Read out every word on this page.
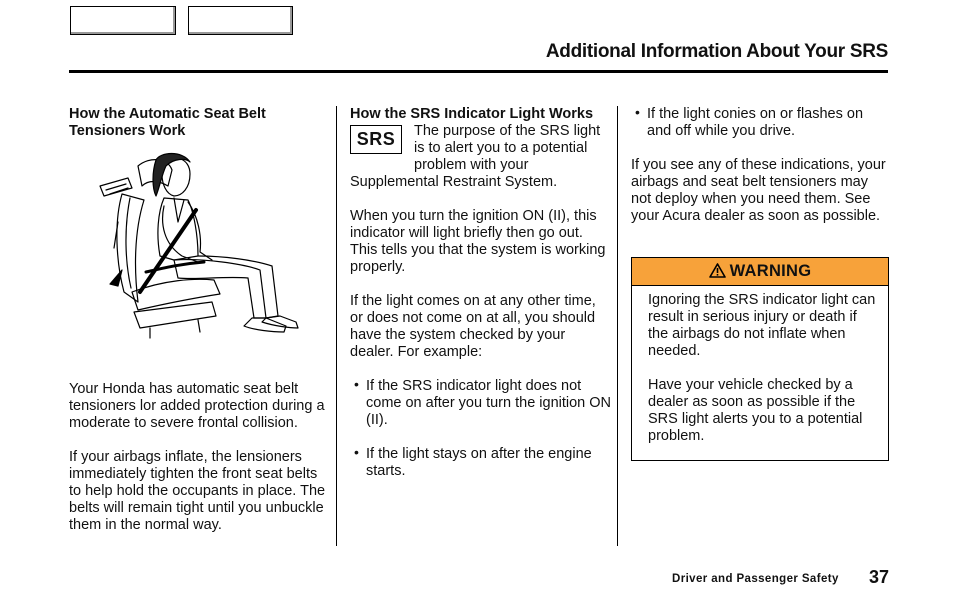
Additional Information About Your SRS
How the Automatic Seat Belt Tensioners Work

Your Honda has automatic seat belt tensioners lor added protection during a moderate to severe frontal collision.

If your airbags inflate, the lensioners immediately tighten the front seat belts to help hold the occupants in place. The belts will remain tight until you unbuckle them in the normal way.

How the SRS Indicator Light Works
SRS	The purpose of the SRS light is to alert you to a potential problem with your Supplemental Restraint System.

When you turn the ignition ON (II), this indicator will light briefly then go out. This tells you that the system is working properly.

If the light comes on at any other time, or does not come on at all, you should have the system checked by your dealer. For example:

• If the SRS indicator light does not come on after you turn the ignition ON (II).
• If the light stays on after the engine starts.
• If the light conies on or flashes on and off while you drive.

If you see any of these indications, your airbags and seat belt tensioners may not deploy when you need them. See your Acura dealer as soon as possible.

WARNING

Ignoring the SRS indicator light can result in serious injury or death if the airbags do not inflate when needed.

Have your vehicle checked by a dealer as soon as possible if the SRS light alerts you to a potential problem.

Driver and Passenger Safety 37
